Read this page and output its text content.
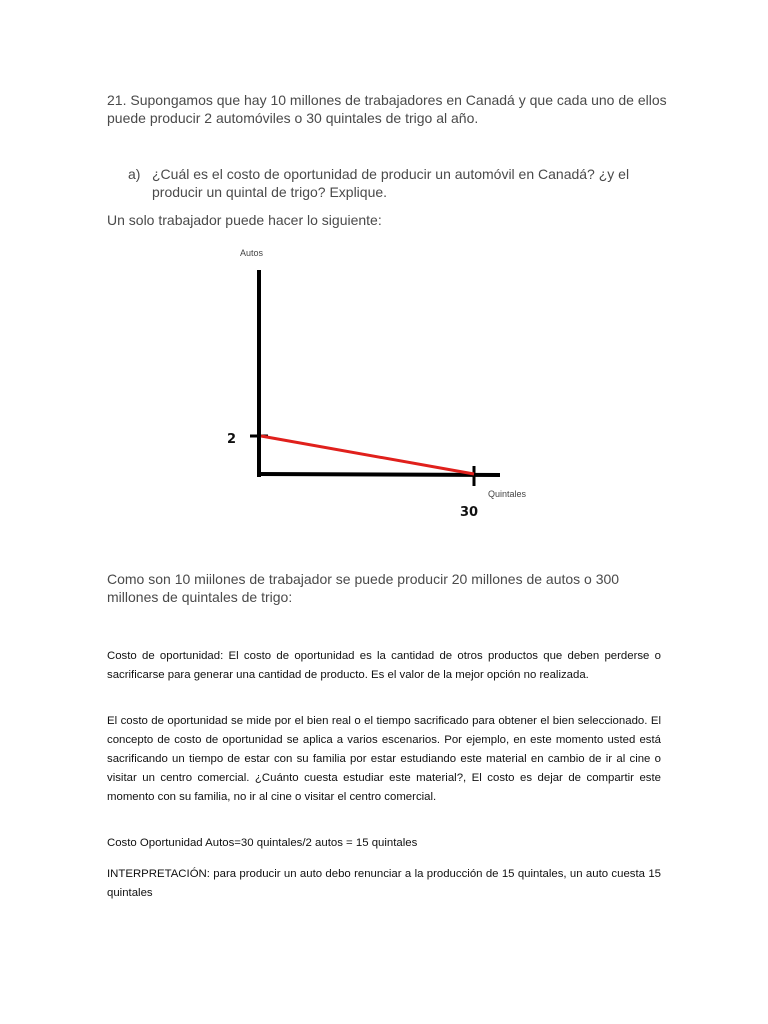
21. Supongamos que hay 10 millones de trabajadores en Canadá y que cada uno de ellos puede producir 2 automóviles o 30 quintales de trigo al año.
a) ¿Cuál es el costo de oportunidad de producir un automóvil en Canadá? ¿y el producir un quintal de trigo? Explique.
Un solo trabajador puede hacer lo siguiente:
Autos
2
30
Quintales
Como son 10 miilones de trabajador se puede producir 20 millones de autos o 300 millones de quintales de trigo:
Costo de oportunidad: El costo de oportunidad es la cantidad de otros productos que deben perderse o sacrificarse para generar una cantidad de producto. Es el valor de la mejor opción no realizada.
El costo de oportunidad se mide por el bien real o el tiempo sacrificado para obtener el bien seleccionado. El concepto de costo de oportunidad se aplica a varios escenarios. Por ejemplo, en este momento usted está sacrificando un tiempo de estar con su familia por estar estudiando este material en cambio de ir al cine o visitar un centro comercial. ¿Cuánto cuesta estudiar este material?, El costo es dejar de compartir este momento con su familia, no ir al cine o visitar el centro comercial.
Costo Oportunidad Autos=30 quintales/2 autos = 15 quintales
INTERPRETACIÓN: para producir un auto debo renunciar a la producción de 15 quintales, un auto cuesta 15 quintales
